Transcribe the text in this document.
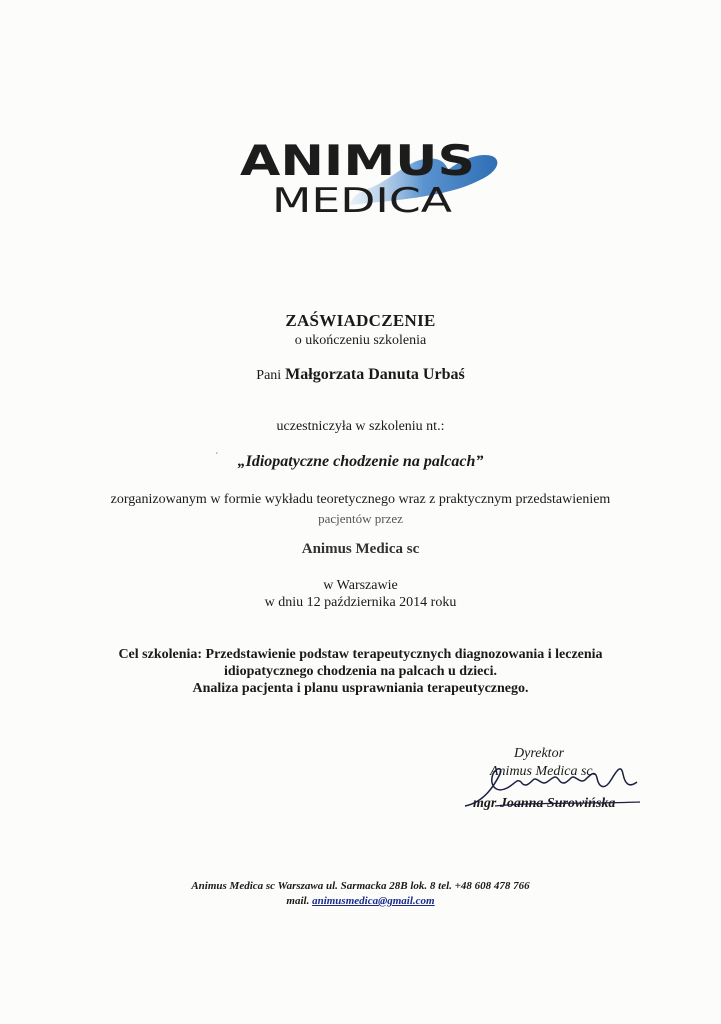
ANIMUS
MEDICA
ZAŚWIADCZENIE
o ukończeniu szkolenia
Pani Małgorzata Danuta Urbaś
uczestniczyła w szkoleniu nt.:
´	„Idiopatyczne chodzenie na palcach”
zorganizowanym w formie wykładu teoretycznego wraz z praktycznym przedstawieniem
pacjentów przez
Animus Medica sc
w Warszawie
w dniu 12 października 2014 roku
Cel szkolenia: Przedstawienie podstaw terapeutycznych diagnozowania i leczenia
idiopatycznego chodzenia na palcach u dzieci.
Analiza pacjenta i planu usprawniania terapeutycznego.
Dyrektor
Animus Medica sc.
mgr Joanna Surowińska
Animus Medica sc Warszawa ul. Sarmacka 28B lok. 8 tel. +48 608 478 766
mail. animusmedica@gmail.com
